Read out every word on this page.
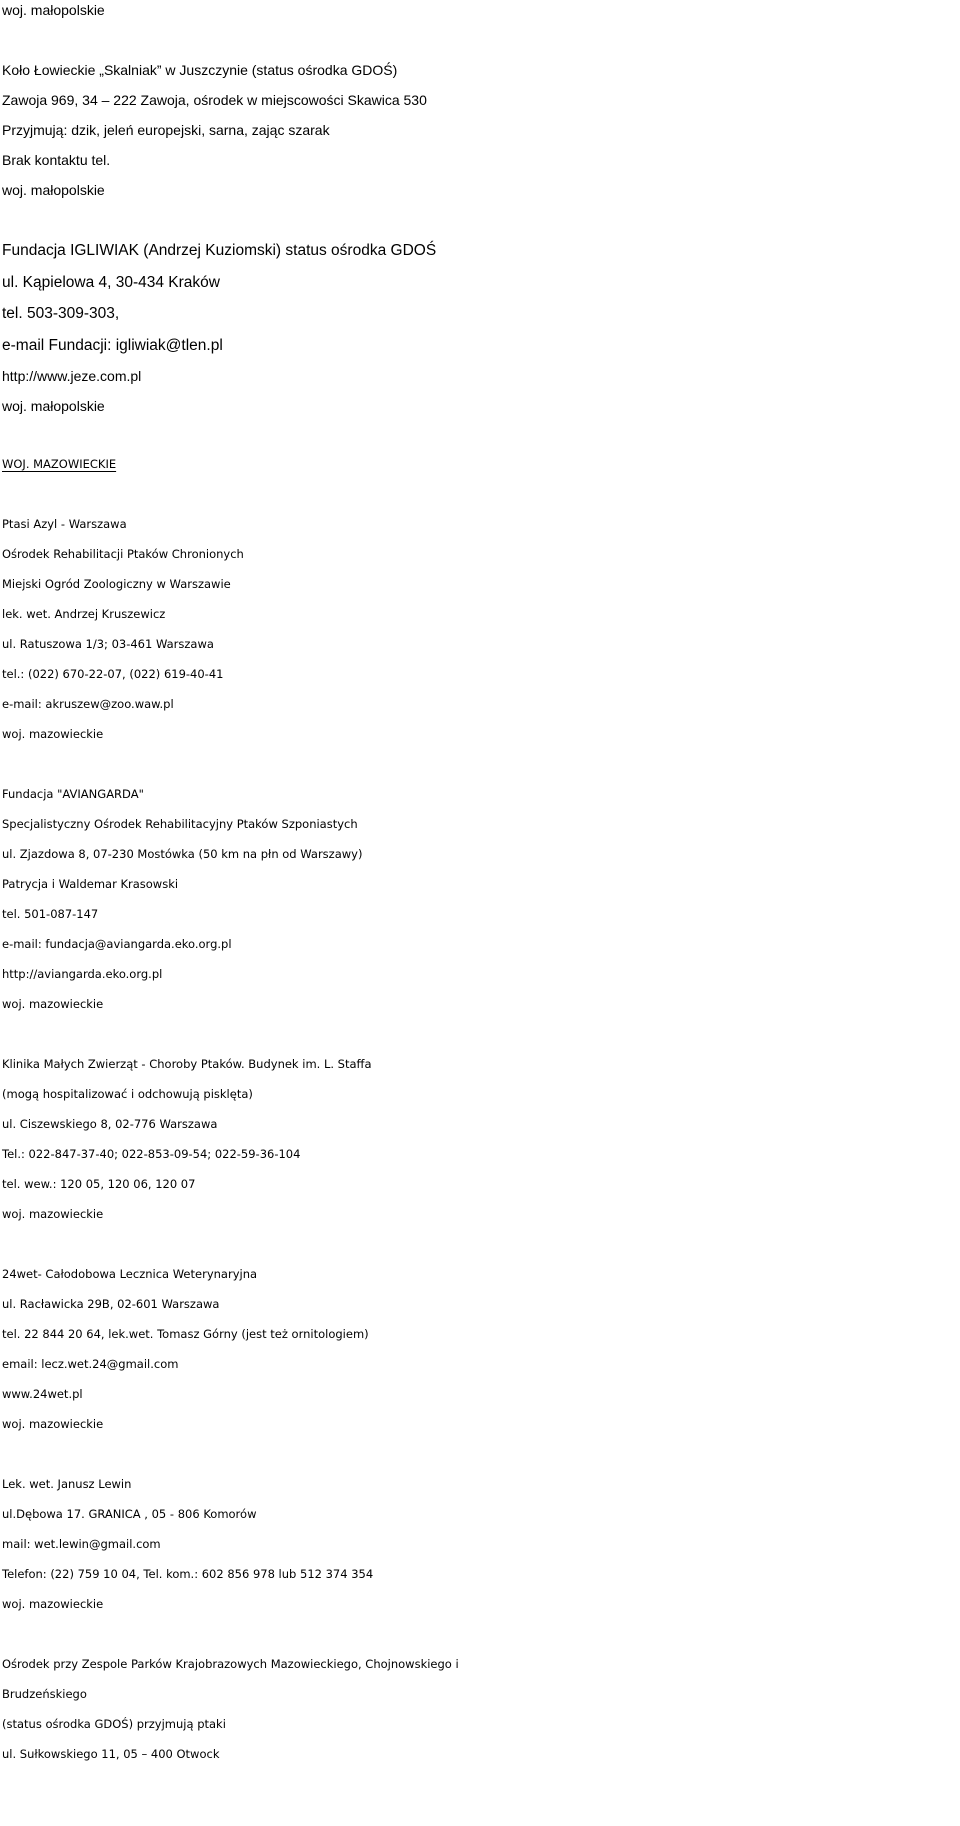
woj. małopolskie
Koło Łowieckie „Skalniak” w Juszczynie (status ośrodka GDOŚ)
Zawoja 969, 34 – 222 Zawoja, ośrodek w miejscowości Skawica 530
Przyjmują: dzik, jeleń europejski, sarna, zając szarak
Brak kontaktu tel.
woj. małopolskie
Fundacja IGLIWIAK (Andrzej Kuziomski) status ośrodka GDOŚ
ul. Kąpielowa 4, 30-434 Kraków
tel. 503-309-303,
e-mail Fundacji: igliwiak@tlen.pl
http://www.jeze.com.pl
woj. małopolskie
WOJ. MAZOWIECKIE
Ptasi Azyl - Warszawa
Ośrodek Rehabilitacji Ptaków Chronionych
Miejski Ogród Zoologiczny w Warszawie
lek. wet. Andrzej Kruszewicz
ul. Ratuszowa 1/3; 03-461 Warszawa
tel.: (022) 670-22-07, (022) 619-40-41
e-mail: akruszew@zoo.waw.pl
woj. mazowieckie
Fundacja "AVIANGARDA"
Specjalistyczny Ośrodek Rehabilitacyjny Ptaków Szponiastych
ul. Zjazdowa 8, 07-230 Mostówka (50 km na płn od Warszawy)
Patrycja i Waldemar Krasowski
tel. 501-087-147
e-mail: fundacja@aviangarda.eko.org.pl
http://aviangarda.eko.org.pl
woj. mazowieckie
Klinika Małych Zwierząt - Choroby Ptaków. Budynek im. L. Staffa
(mogą hospitalizować i odchowują pisklęta)
ul. Ciszewskiego 8, 02-776 Warszawa
Tel.: 022-847-37-40; 022-853-09-54; 022-59-36-104
tel. wew.: 120 05, 120 06, 120 07
woj. mazowieckie
24wet- Całodobowa Lecznica Weterynaryjna
ul. Racławicka 29B, 02-601 Warszawa
tel. 22 844 20 64, lek.wet. Tomasz Górny (jest też ornitologiem)
email: lecz.wet.24@gmail.com
www.24wet.pl
woj. mazowieckie
Lek. wet. Janusz Lewin
ul.Dębowa 17. GRANICA , 05 - 806 Komorów
mail: wet.lewin@gmail.com
Telefon: (22) 759 10 04, Tel. kom.: 602 856 978 lub 512 374 354
woj. mazowieckie
Ośrodek przy Zespole Parków Krajobrazowych Mazowieckiego, Chojnowskiego i
Brudzeńskiego
(status ośrodka GDOŚ) przyjmują ptaki
ul. Sułkowskiego 11, 05 – 400 Otwock
